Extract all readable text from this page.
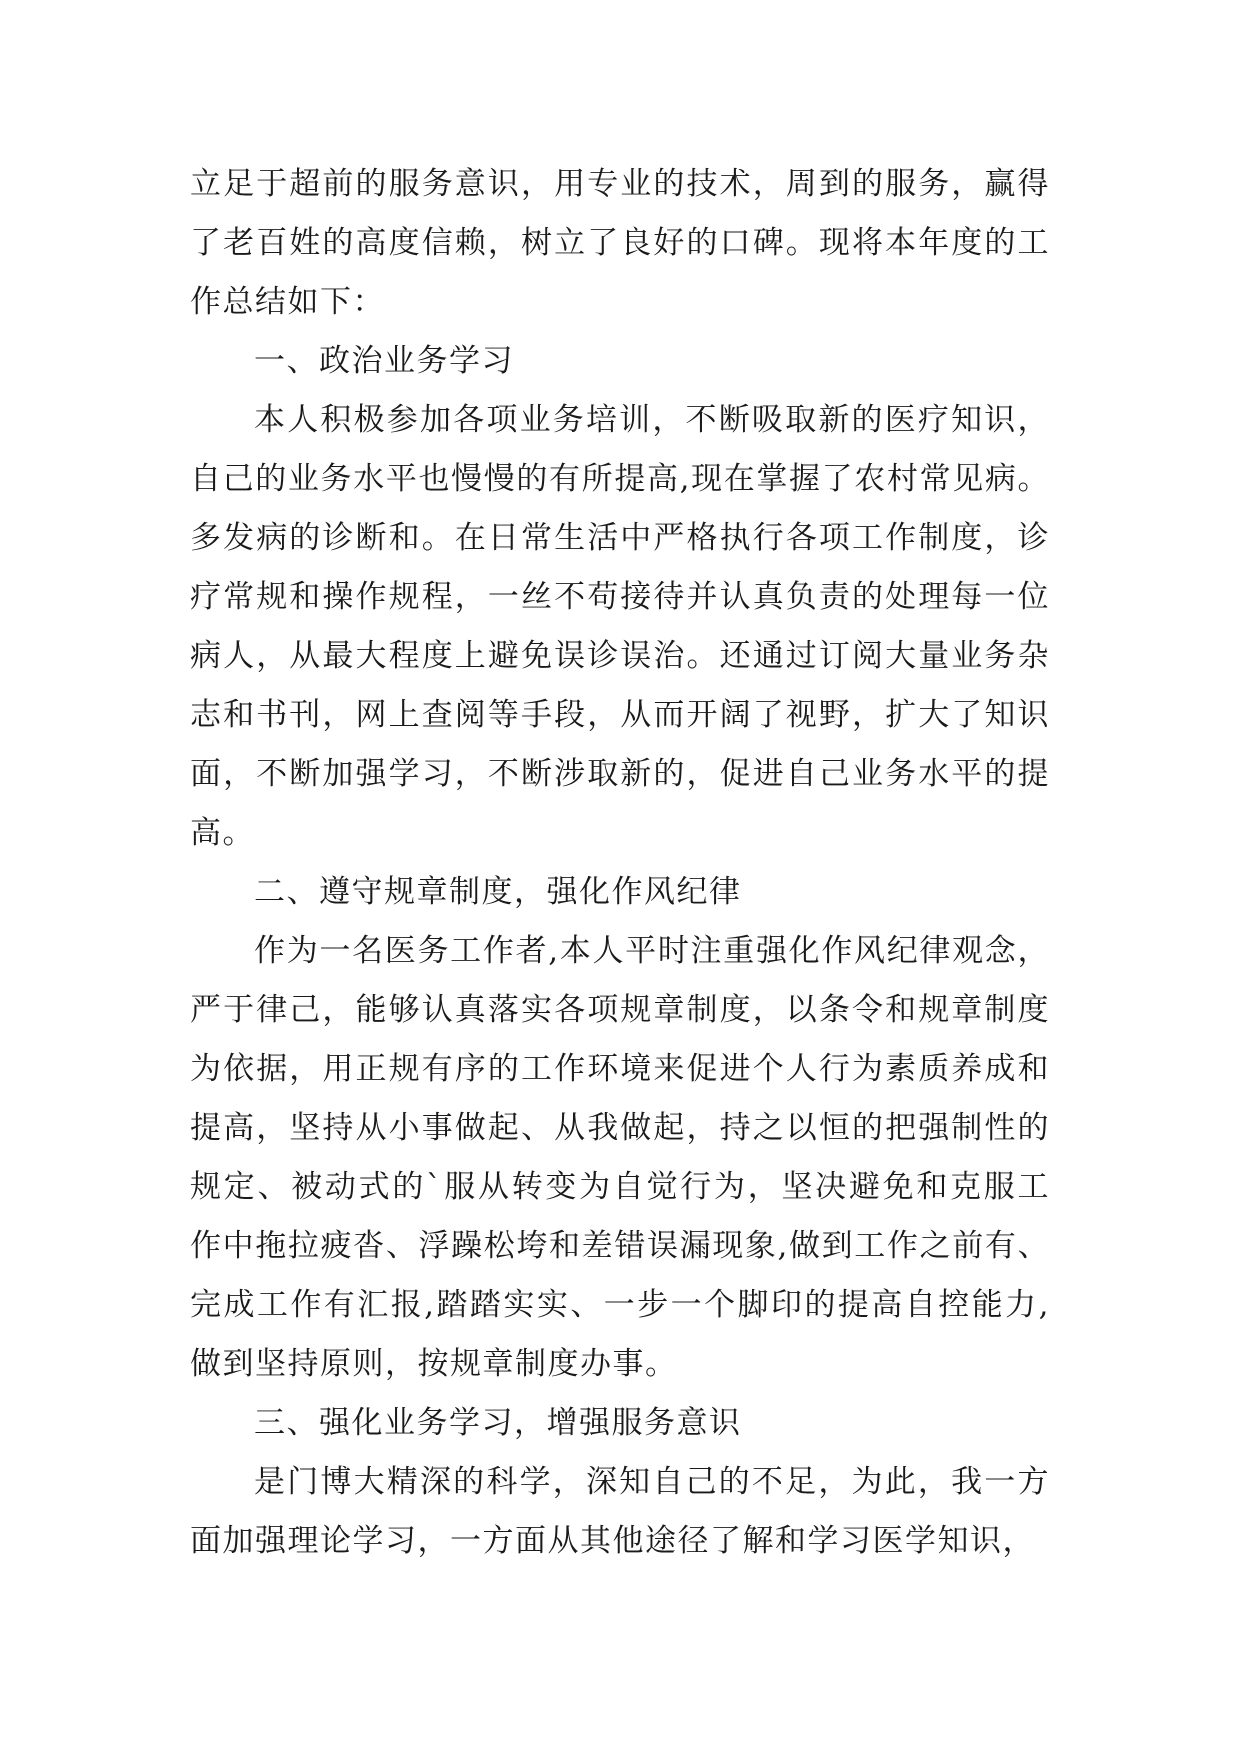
立足于超前的服务意识，用专业的技术，周到的服务，赢得了老百姓的高度信赖，树立了良好的口碑。现将本年度的工作总结如下：

一、政治业务学习

本人积极参加各项业务培训，不断吸取新的医疗知识，自己的业务水平也慢慢的有所提高,现在掌握了农村常见病。多发病的诊断和。在日常生活中严格执行各项工作制度，诊疗常规和操作规程，一丝不苟接待并认真负责的处理每一位病人，从最大程度上避免误诊误治。还通过订阅大量业务杂志和书刊，网上查阅等手段，从而开阔了视野，扩大了知识面，不断加强学习，不断涉取新的，促进自己业务水平的提高。

二、遵守规章制度，强化作风纪律

作为一名医务工作者,本人平时注重强化作风纪律观念，严于律己，能够认真落实各项规章制度，以条令和规章制度为依据，用正规有序的工作环境来促进个人行为素质养成和提高，坚持从小事做起、从我做起，持之以恒的把强制性的规定、被动式的`服从转变为自觉行为，坚决避免和克服工作中拖拉疲沓、浮躁松垮和差错误漏现象,做到工作之前有、完成工作有汇报,踏踏实实、一步一个脚印的提高自控能力,做到坚持原则，按规章制度办事。

三、强化业务学习，增强服务意识

是门博大精深的科学，深知自己的不足，为此，我一方面加强理论学习，一方面从其他途径了解和学习医学知识，
